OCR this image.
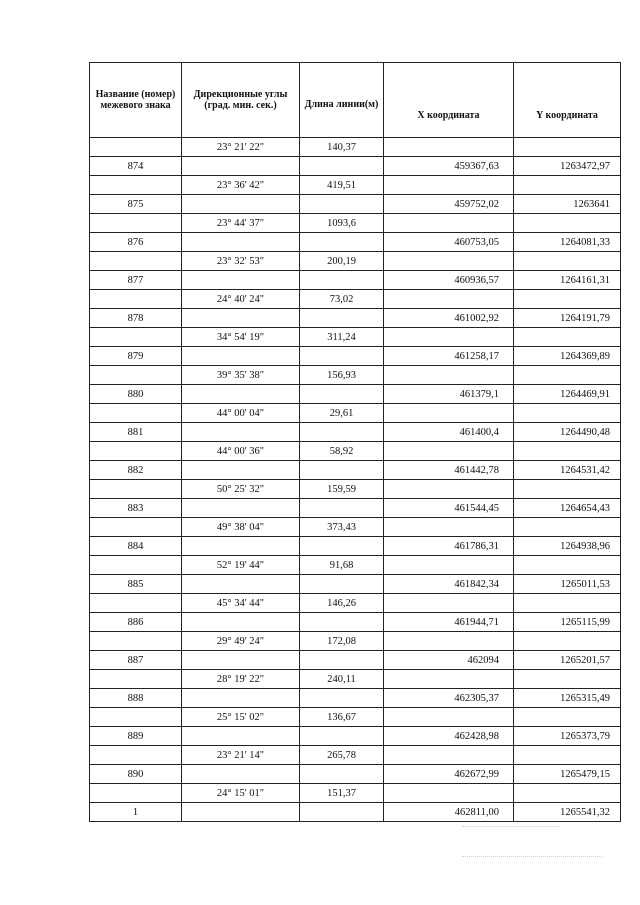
Название (номер) межевого знака	Дирекционные углы (град. мин. сек.)	Длина линии(м)	X координата	Y координата
	23° 21' 22"	140,37		
874			459367,63	1263472,97
	23° 36' 42"	419,51		
875			459752,02	1263641
	23° 44' 37"	1093,6		
876			460753,05	1264081,33
	23° 32' 53"	200,19		
877			460936,57	1264161,31
	24° 40' 24"	73,02		
878			461002,92	1264191,79
	34° 54' 19"	311,24		
879			461258,17	1264369,89
	39° 35' 38"	156,93		
880			461379,1	1264469,91
	44° 00' 04"	29,61		
881			461400,4	1264490,48
	44° 00' 36"	58,92		
882			461442,78	1264531,42
	50° 25' 32"	159,59		
883			461544,45	1264654,43
	49° 38' 04"	373,43		
884			461786,31	1264938,96
	52° 19' 44"	91,68		
885			461842,34	1265011,53
	45° 34' 44"	146,26		
886			461944,71	1265115,99
	29° 49' 24"	172,08		
887			462094	1265201,57
	28° 19' 22"	240,11		
888			462305,37	1265315,49
	25° 15' 02"	136,67		
889			462428,98	1265373,79
	23° 21' 14"	265,78		
890			462672,99	1265479,15
	24° 15' 01"	151,37		
1			462811,00	1265541,32
